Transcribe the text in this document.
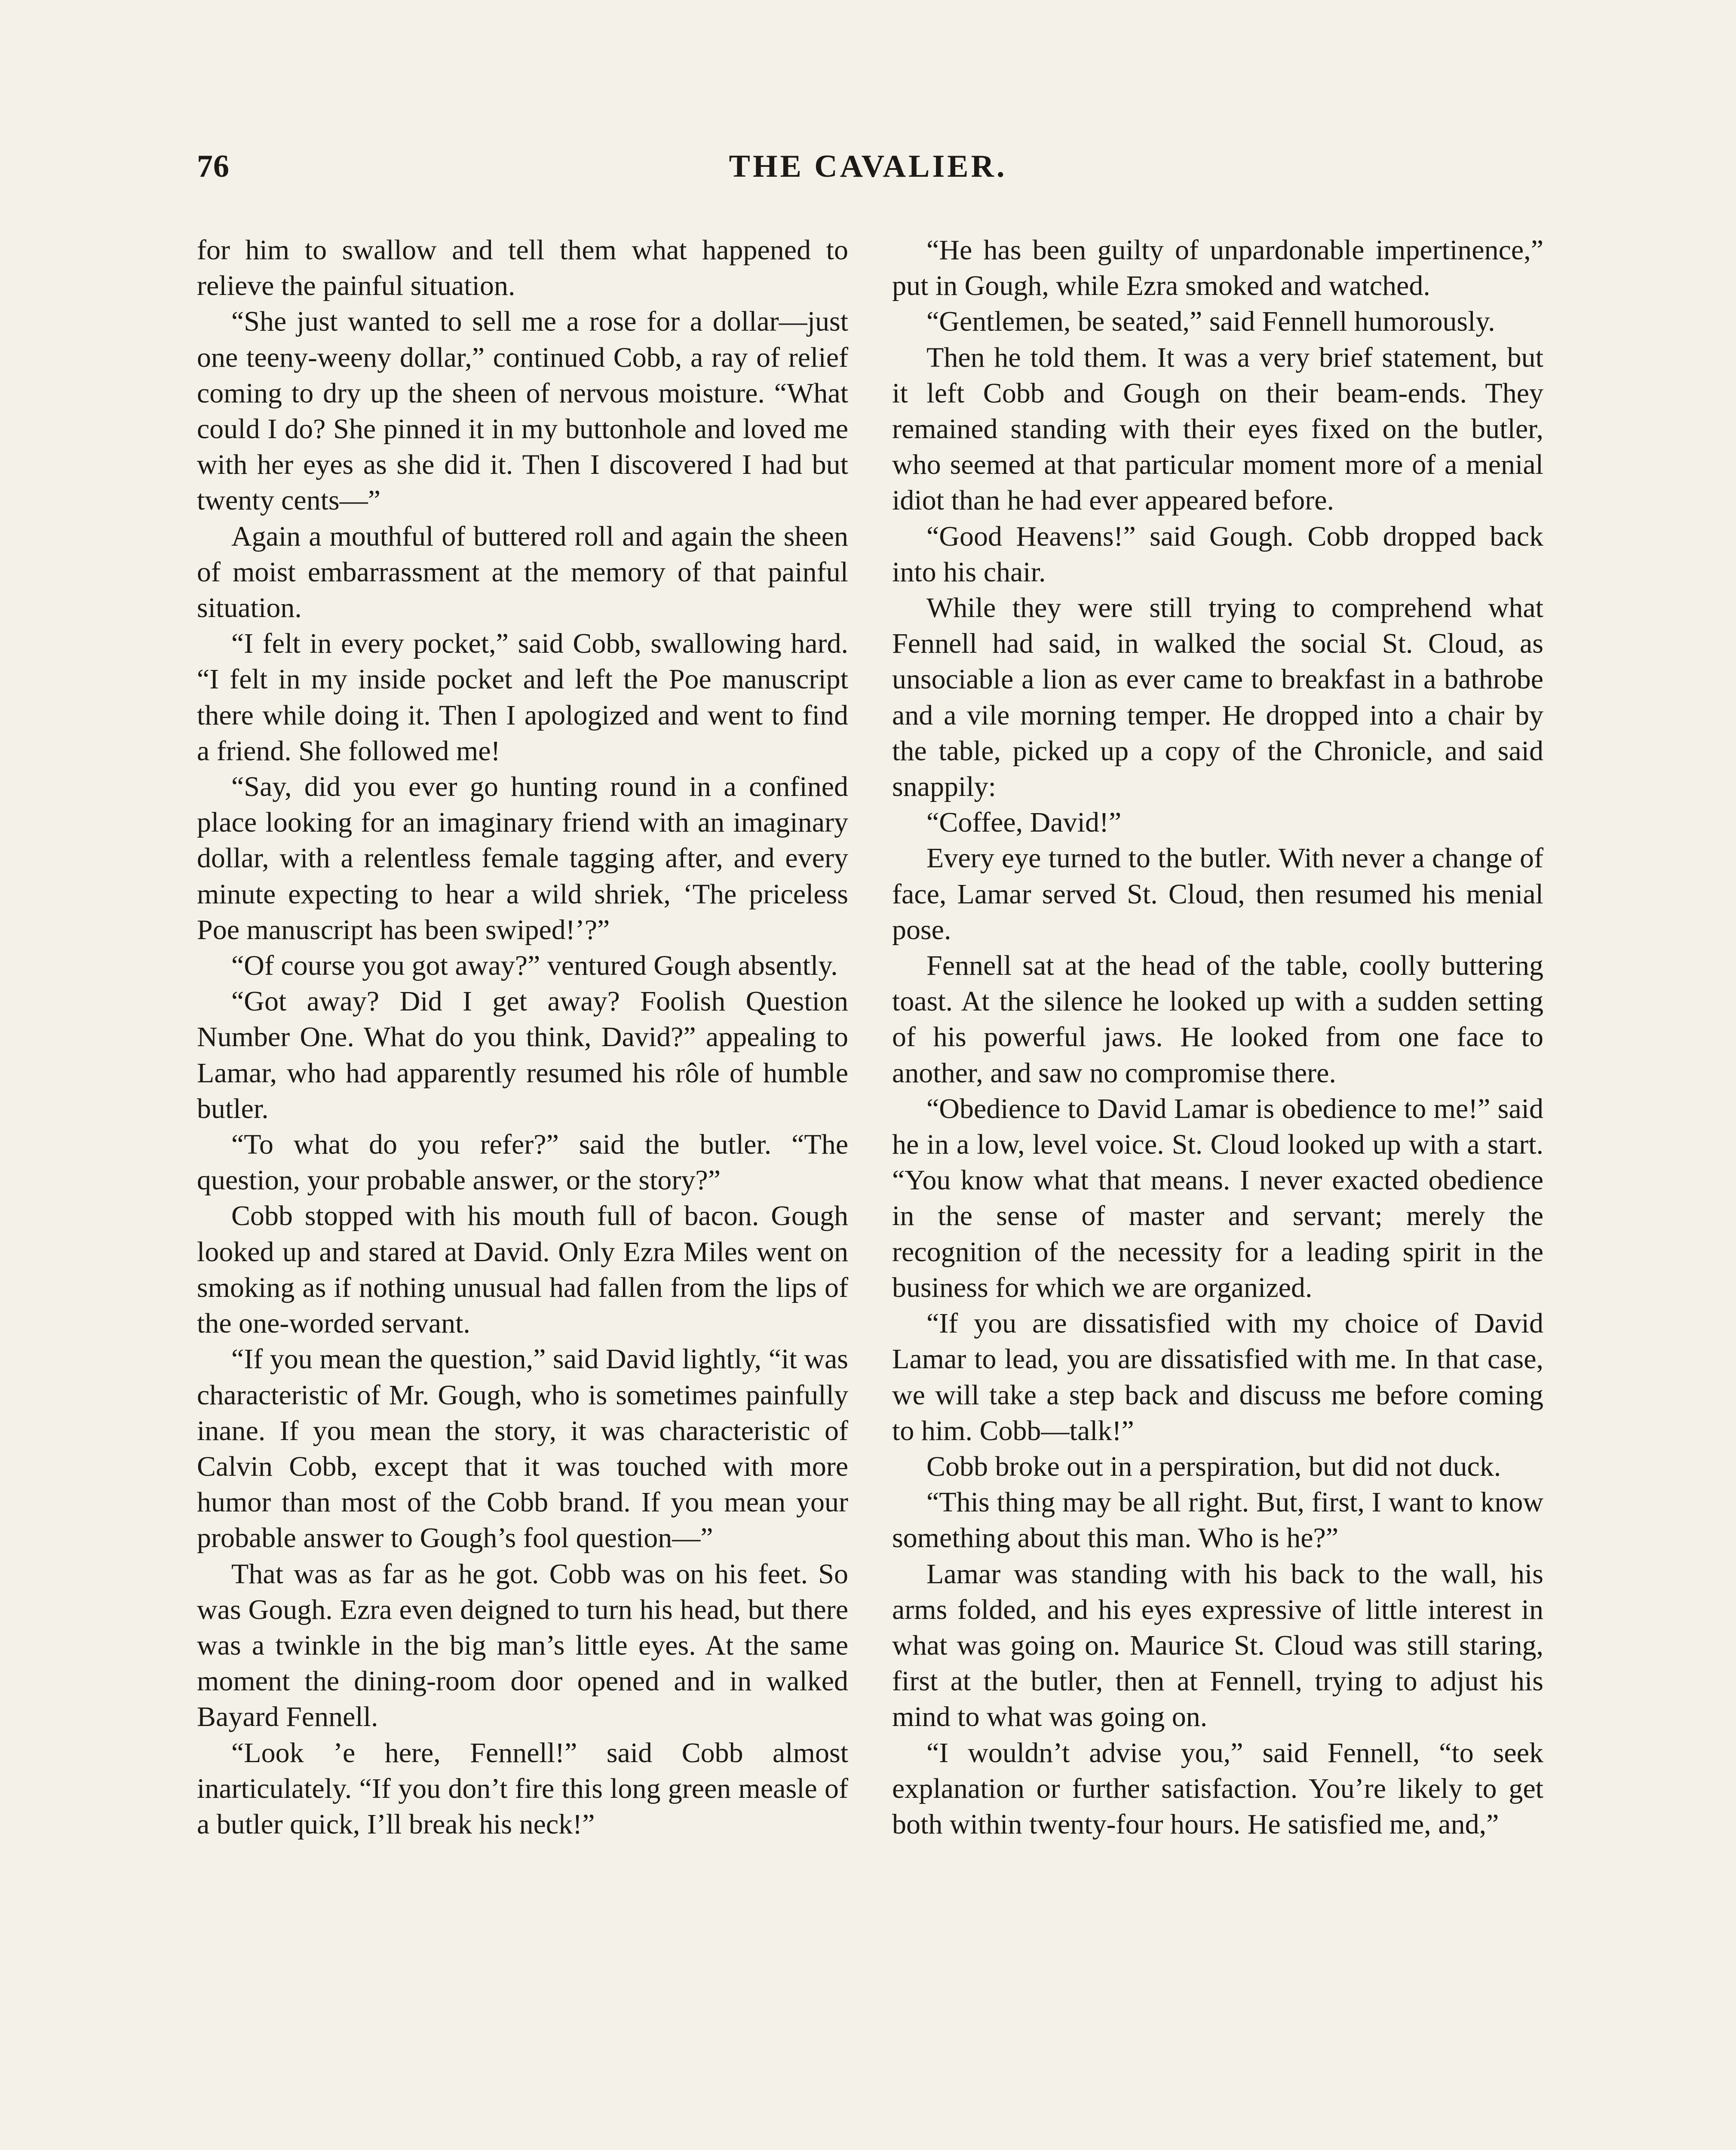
76	THE CAVALIER.

for him to swallow and tell them what happened to relieve the painful situation.

“She just wanted to sell me a rose for a dollar—just one teeny-weeny dollar,” continued Cobb, a ray of relief coming to dry up the sheen of nervous moisture. “What could I do? She pinned it in my buttonhole and loved me with her eyes as she did it. Then I discovered I had but twenty cents—”

Again a mouthful of buttered roll and again the sheen of moist embarrassment at the memory of that painful situation.

“I felt in every pocket,” said Cobb, swallowing hard. “I felt in my inside pocket and left the Poe manuscript there while doing it. Then I apologized and went to find a friend. She followed me!

“Say, did you ever go hunting round in a confined place looking for an imaginary friend with an imaginary dollar, with a relentless female tagging after, and every minute expecting to hear a wild shriek, ‘The priceless Poe manuscript has been swiped!’?”

“Of course you got away?” ventured Gough absently.

“Got away? Did I get away? Foolish Question Number One. What do you think, David?” appealing to Lamar, who had apparently resumed his rôle of humble butler.

“To what do you refer?” said the butler. “The question, your probable answer, or the story?”

Cobb stopped with his mouth full of bacon. Gough looked up and stared at David. Only Ezra Miles went on smoking as if nothing unusual had fallen from the lips of the one-worded servant.

“If you mean the question,” said David lightly, “it was characteristic of Mr. Gough, who is sometimes painfully inane. If you mean the story, it was characteristic of Calvin Cobb, except that it was touched with more humor than most of the Cobb brand. If you mean your probable answer to Gough’s fool question—”

That was as far as he got. Cobb was on his feet. So was Gough. Ezra even deigned to turn his head, but there was a twinkle in the big man’s little eyes. At the same moment the dining-room door opened and in walked Bayard Fennell.

“Look ’e here, Fennell!” said Cobb almost inarticulately. “If you don’t fire this long green measle of a butler quick, I’ll break his neck!”

“He has been guilty of unpardonable impertinence,” put in Gough, while Ezra smoked and watched.

“Gentlemen, be seated,” said Fennell humorously.

Then he told them. It was a very brief statement, but it left Cobb and Gough on their beam-ends. They remained standing with their eyes fixed on the butler, who seemed at that particular moment more of a menial idiot than he had ever appeared before.

“Good Heavens!” said Gough. Cobb dropped back into his chair.

While they were still trying to comprehend what Fennell had said, in walked the social St. Cloud, as unsociable a lion as ever came to breakfast in a bathrobe and a vile morning temper. He dropped into a chair by the table, picked up a copy of the Chronicle, and said snappily:

“Coffee, David!”

Every eye turned to the butler. With never a change of face, Lamar served St. Cloud, then resumed his menial pose.

Fennell sat at the head of the table, coolly buttering toast. At the silence he looked up with a sudden setting of his powerful jaws. He looked from one face to another, and saw no compromise there.

“Obedience to David Lamar is obedience to me!” said he in a low, level voice. St. Cloud looked up with a start. “You know what that means. I never exacted obedience in the sense of master and servant; merely the recognition of the necessity for a leading spirit in the business for which we are organized.

“If you are dissatisfied with my choice of David Lamar to lead, you are dissatisfied with me. In that case, we will take a step back and discuss me before coming to him. Cobb—talk!”

Cobb broke out in a perspiration, but did not duck.

“This thing may be all right. But, first, I want to know something about this man. Who is he?”

Lamar was standing with his back to the wall, his arms folded, and his eyes expressive of little interest in what was going on. Maurice St. Cloud was still staring, first at the butler, then at Fennell, trying to adjust his mind to what was going on.

“I wouldn’t advise you,” said Fennell, “to seek explanation or further satisfaction. You’re likely to get both within twenty-four hours. He satisfied me, and,”
